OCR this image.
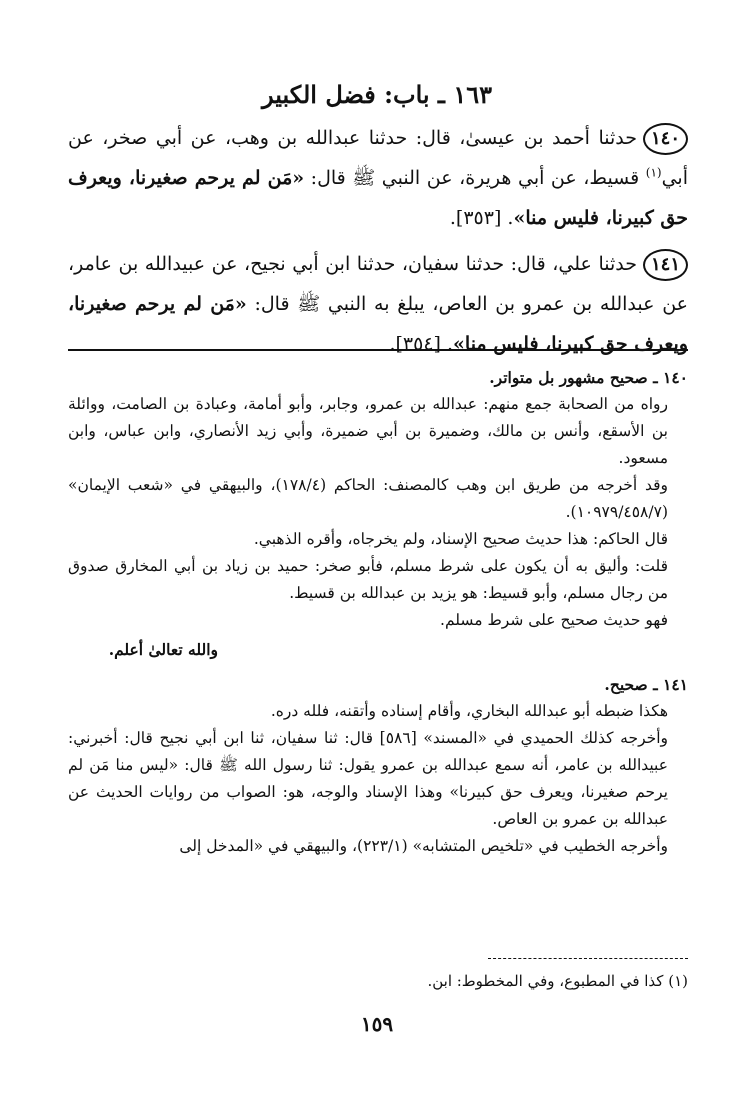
١٦٣ ـ باب: فضل الكبير

١٤٠حدثنا أحمد بن عيسىٰ، قال: حدثنا عبدالله بن وهب، عن أبي صخر، عن أبي$^{(١)}$ قسيط، عن أبي هريرة، عن النبي ﷺ قال: «مَن لم يرحم صغيرنا، ويعرف حق كبيرنا، فليس منا». [٣٥٣].

١٤١حدثنا علي، قال: حدثنا سفيان، حدثنا ابن أبي نجيح، عن عبيدالله بن عامر، عن عبدالله بن عمرو بن العاص، يبلغ به النبي ﷺ قال: «مَن لم يرحم صغيرنا، ويعرف حق كبيرنا، فليس منا». [٣٥٤].

١٤٠ ـ صحيح مشهور بل متواتر.

رواه من الصحابة جمع منهم: عبدالله بن عمرو، وجابر، وأبو أمامة، وعبادة بن الصامت، ووائلة بن الأسقع، وأنس بن مالك، وضميرة بن أبي ضميرة، وأبي زيد الأنصاري، وابن عباس، وابن مسعود.

وقد أخرجه من طريق ابن وهب كالمصنف: الحاكم (١٧٨/٤)، والبيهقي في «شعب الإيمان» (١٠٩٧٩/٤٥٨/٧).

قال الحاكم: هذا حديث صحيح الإسناد، ولم يخرجاه، وأقره الذهبي.

قلت: وأليق به أن يكون على شرط مسلم، فأبو صخر: حميد بن زياد بن أبي المخارق صدوق من رجال مسلم، وأبو قسيط: هو يزيد بن عبدالله بن قسيط.

فهو حديث صحيح على شرط مسلم.

والله تعالىٰ أعلم.

١٤١ ـ صحيح.

هكذا ضبطه أبو عبدالله البخاري، وأقام إسناده وأتقنه، فلله دره.

وأخرجه كذلك الحميدي في «المسند» [٥٨٦] قال: ثنا سفيان، ثنا ابن أبي نجيح قال: أخبرني: عبيدالله بن عامر، أنه سمع عبدالله بن عمرو يقول: ثنا رسول الله ﷺ قال: «ليس منا مَن لم يرحم صغيرنا، ويعرف حق كبيرنا» وهذا الإسناد والوجه، هو: الصواب من روايات الحديث عن عبدالله بن عمرو بن العاص.

وأخرجه الخطيب في «تلخيص المتشابه» (٢٢٣/١)، والبيهقي في «المدخل إلى

(١) كذا في المطبوع، وفي المخطوط: ابن.
١٥٩
